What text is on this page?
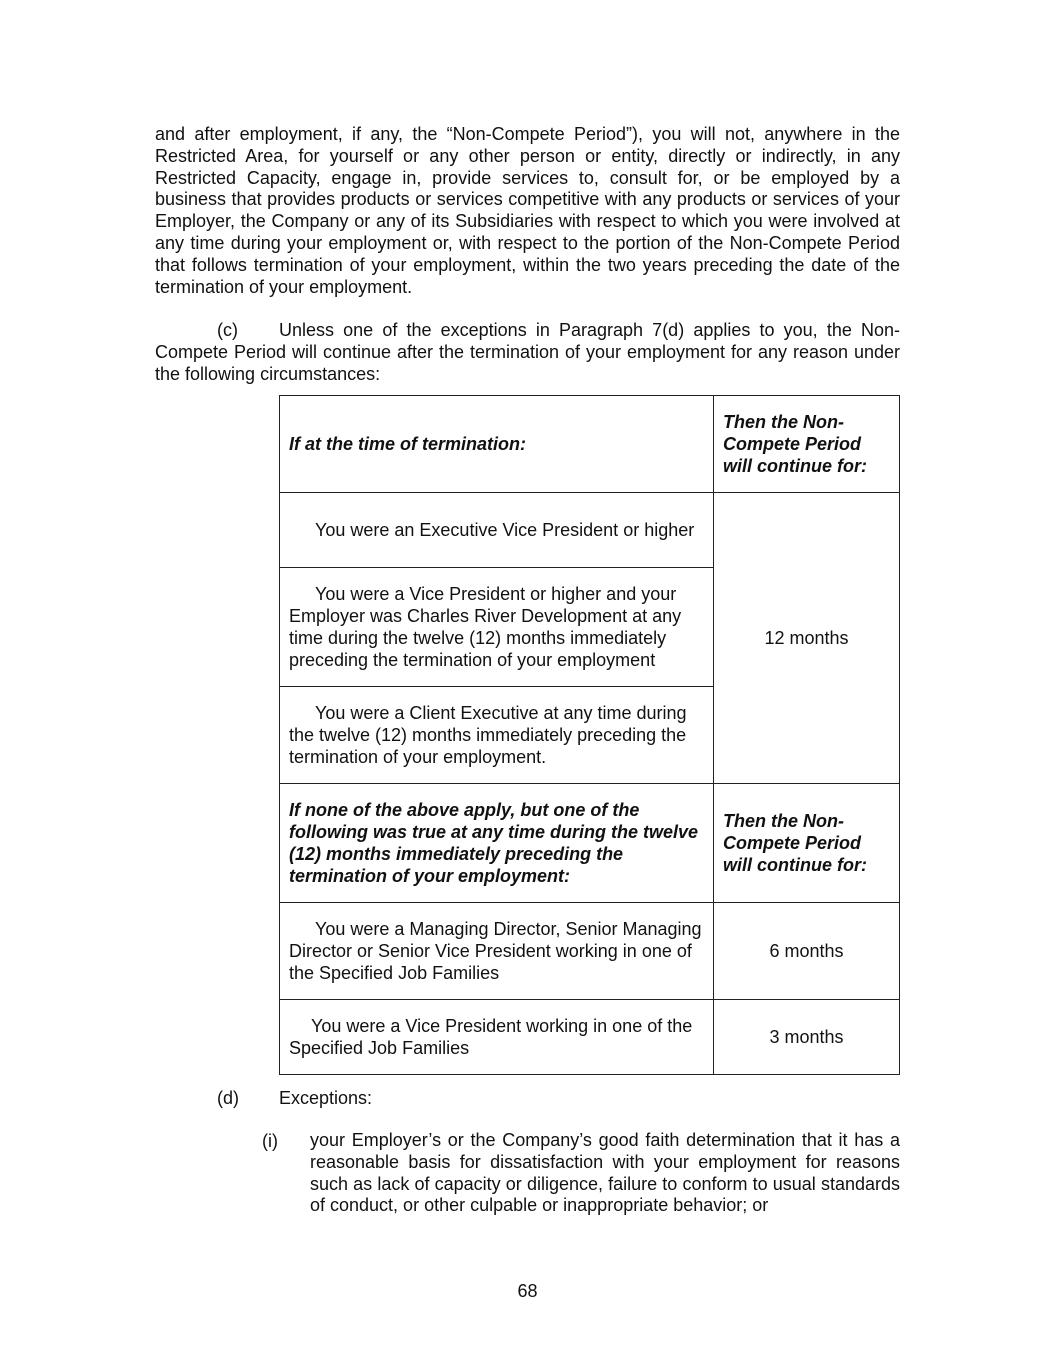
and after employment, if any, the “Non-Compete Period”), you will not, anywhere in the Restricted Area, for yourself or any other person or entity, directly or indirectly, in any Restricted Capacity, engage in, provide services to, consult for, or be employed by a business that provides products or services competitive with any products or services of your Employer, the Company or any of its Subsidiaries with respect to which you were involved at any time during your employment or, with respect to the portion of the Non-Compete Period that follows termination of your employment, within the two years preceding the date of the termination of your employment.

(c) Unless one of the exceptions in Paragraph 7(d) applies to you, the Non-Compete Period will continue after the termination of your employment for any reason under the following circumstances:

If at the time of termination:	Then the Non-Compete Period will continue for:
You were an Executive Vice President or higher	12 months
You were a Vice President or higher and your Employer was Charles River Development at any time during the twelve (12) months immediately preceding the termination of your employment	
You were a Client Executive at any time during the twelve (12) months immediately preceding the termination of your employment.	
If none of the above apply, but one of the following was true at any time during the twelve (12) months immediately preceding the termination of your employment:	Then the Non-Compete Period will continue for:
You were a Managing Director, Senior Managing Director or Senior Vice President working in one of the Specified Job Families	6 months
You were a Vice President working in one of the Specified Job Families	3 months
(d) Exceptions:
(i) your Employer’s or the Company’s good faith determination that it has a reasonable basis for dissatisfaction with your employment for reasons such as lack of capacity or diligence, failure to conform to usual standards of conduct, or other culpable or inappropriate behavior; or
68
